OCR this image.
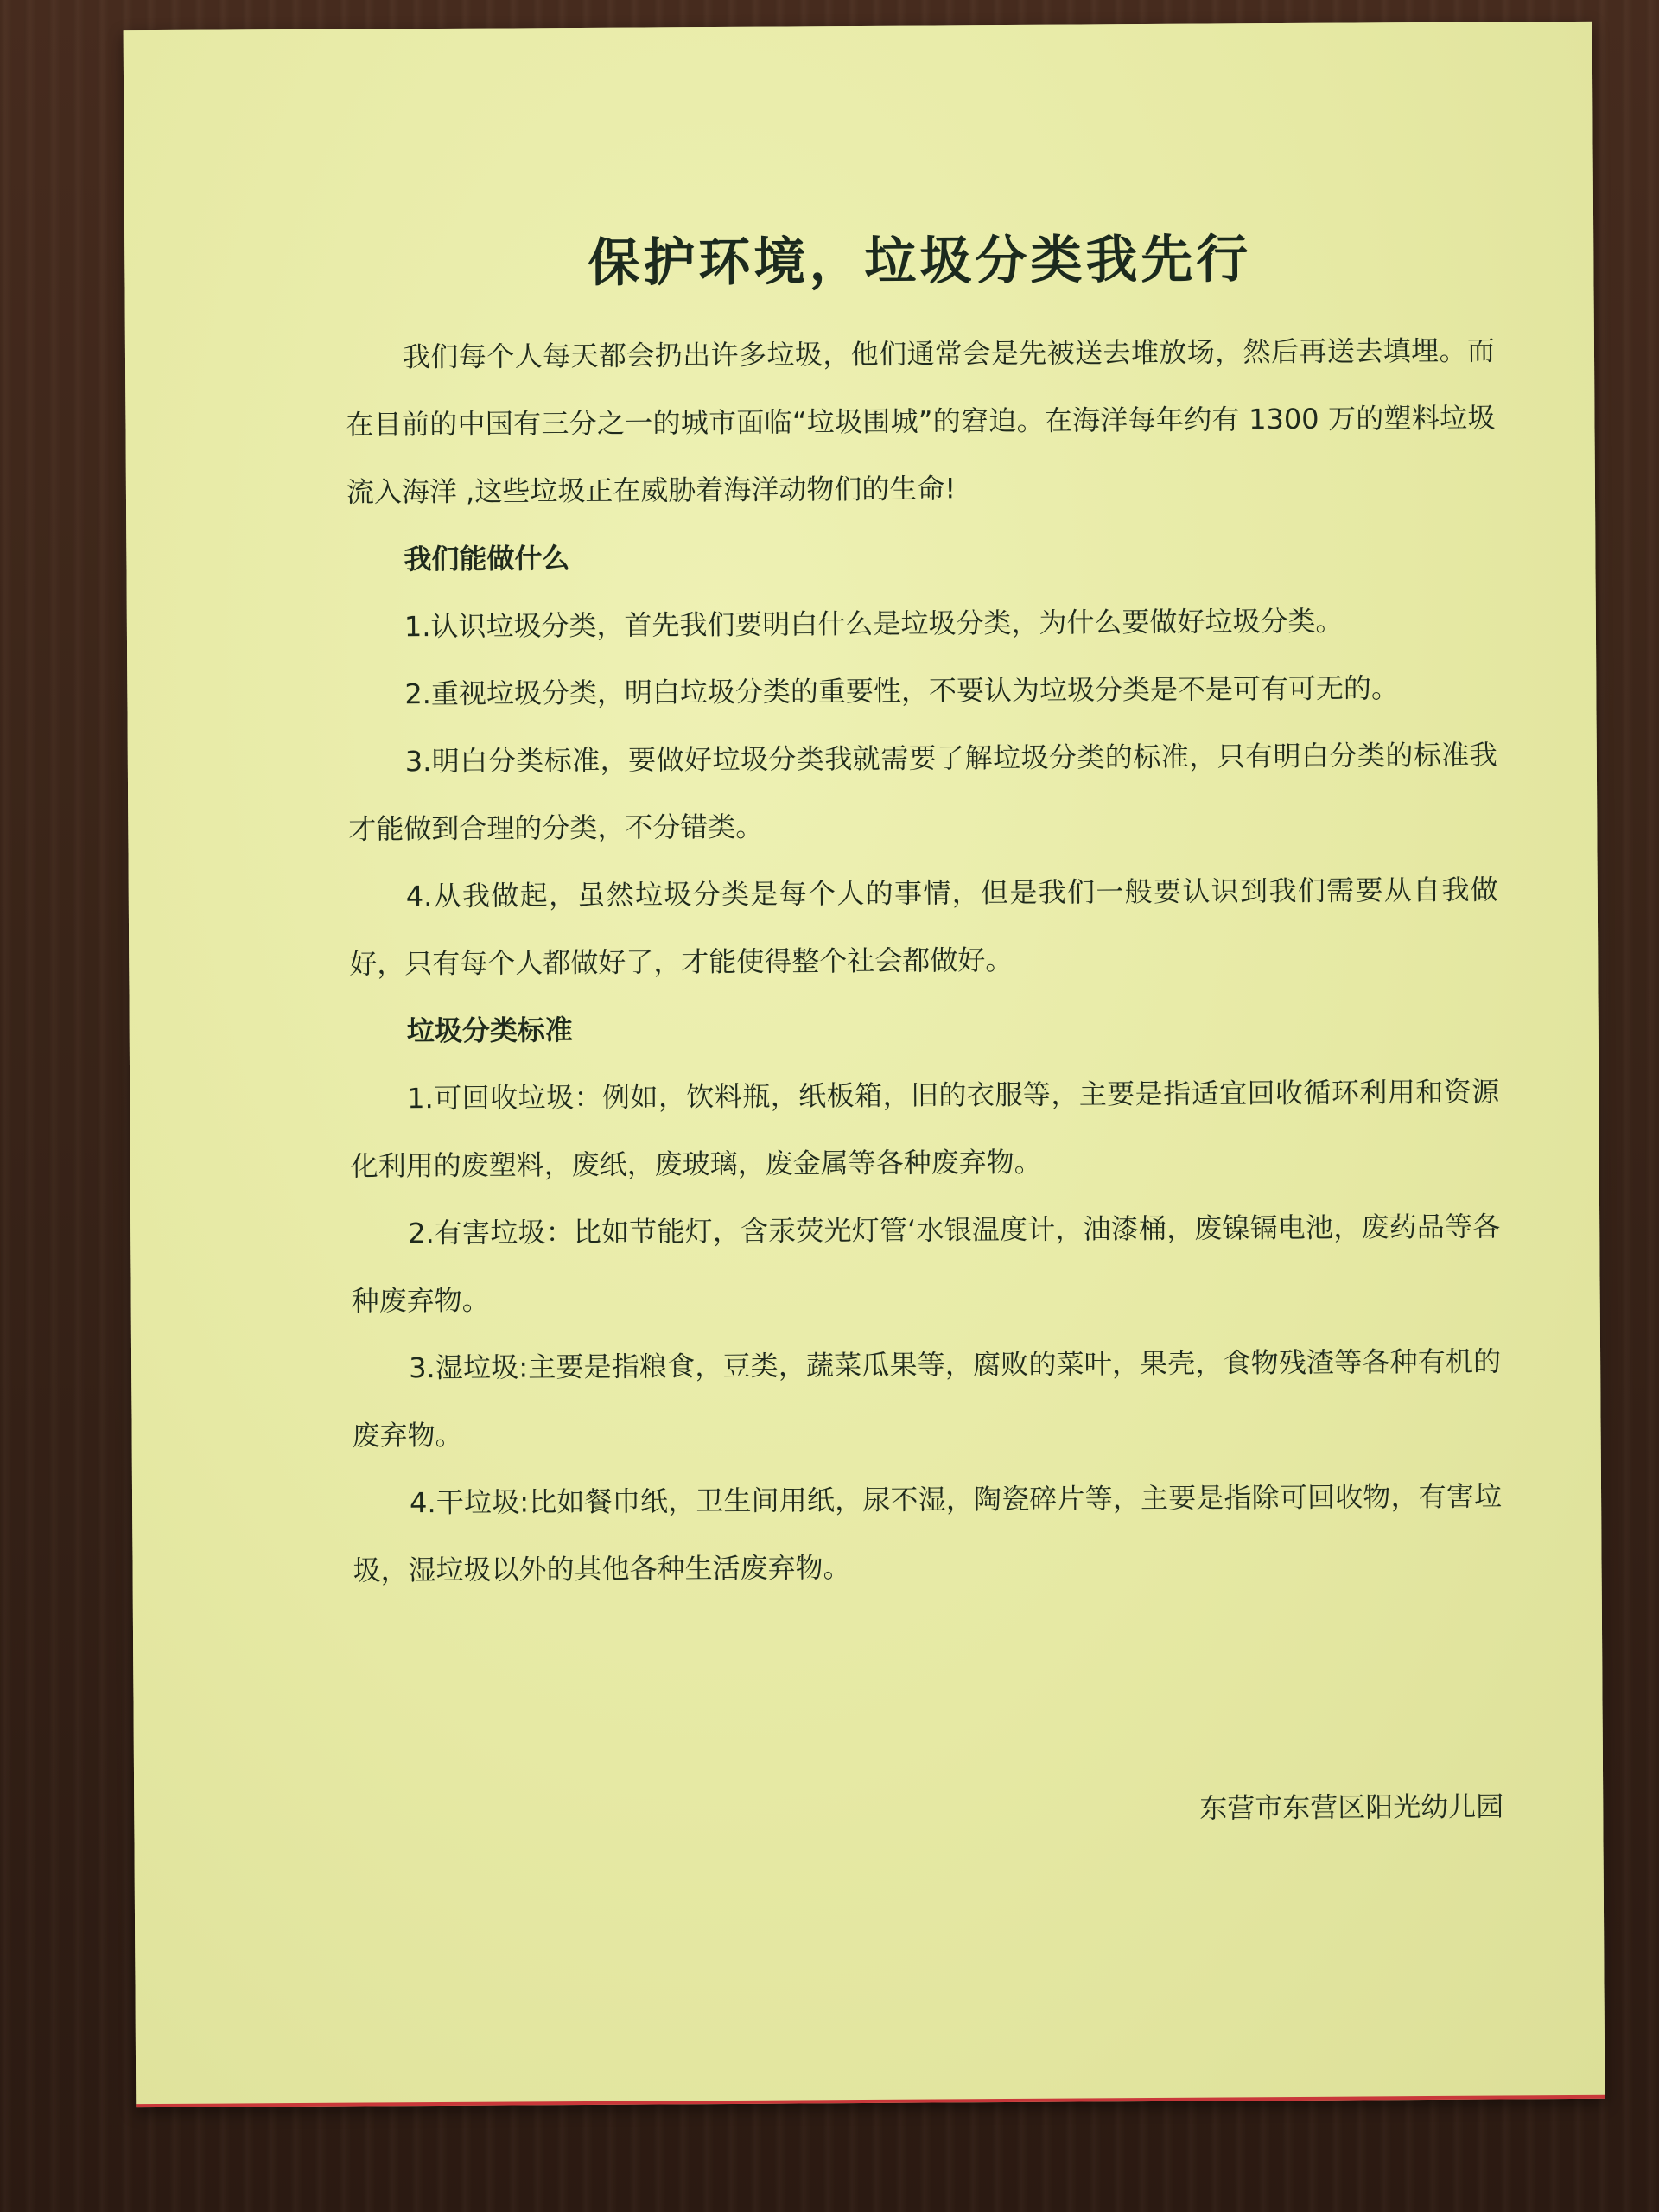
保护环境，垃圾分类我先行

我们每个人每天都会扔出许多垃圾，他们通常会是先被送去堆放场，然后再送去填埋。而在目前的中国有三分之一的城市面临“垃圾围城”的窘迫。在海洋每年约有 1300 万的塑料垃圾流入海洋 ,这些垃圾正在威胁着海洋动物们的生命!

我们能做什么

1.认识垃圾分类，首先我们要明白什么是垃圾分类，为什么要做好垃圾分类。

2.重视垃圾分类，明白垃圾分类的重要性，不要认为垃圾分类是不是可有可无的。

3.明白分类标准，要做好垃圾分类我就需要了解垃圾分类的标准，只有明白分类的标准我才能做到合理的分类，不分错类。

4.从我做起，虽然垃圾分类是每个人的事情，但是我们一般要认识到我们需要从自我做好，只有每个人都做好了，才能使得整个社会都做好。

垃圾分类标准

1.可回收垃圾：例如，饮料瓶，纸板箱，旧的衣服等，主要是指适宜回收循环利用和资源化利用的废塑料，废纸，废玻璃，废金属等各种废弃物。

2.有害垃圾：比如节能灯，含汞荧光灯管‘水银温度计，油漆桶，废镍镉电池，废药品等各种废弃物。

3.湿垃圾:主要是指粮食，豆类，蔬菜瓜果等，腐败的菜叶，果壳，食物残渣等各种有机的废弃物。

4.干垃圾:比如餐巾纸，卫生间用纸，尿不湿，陶瓷碎片等，主要是指除可回收物，有害垃圾，湿垃圾以外的其他各种生活废弃物。

东营市东营区阳光幼儿园
